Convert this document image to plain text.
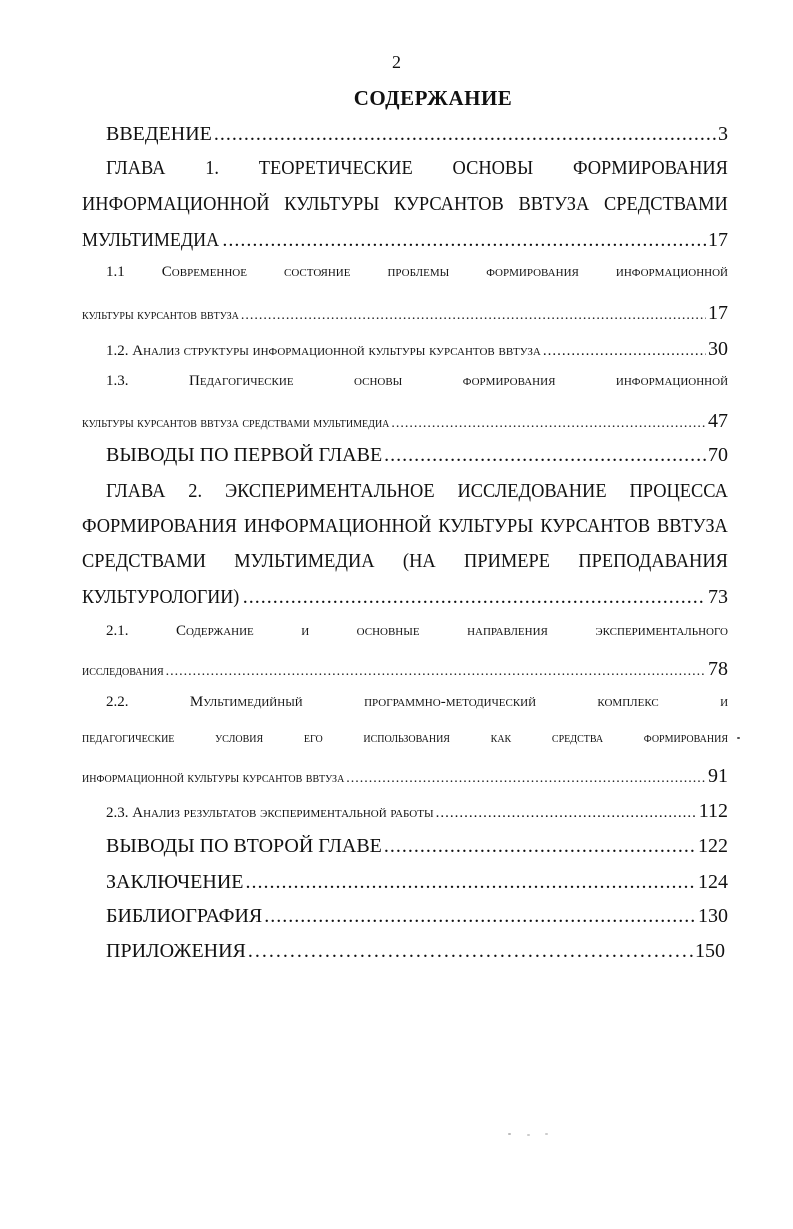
2
СОДЕРЖАНИЕ
ВВЕДЕНИЕ .....	3
ГЛАВА 1. ТЕОРЕТИЧЕСКИЕ ОСНОВЫ ФОРМИРОВАНИЯ
ИНФОРМАЦИОННОЙ КУЛЬТУРЫ КУРСАНТОВ ВВТУЗА СРЕДСТВАМИ
МУЛЬТИМЕДИА .....	17
1.1 Современное состояние проблемы формирования информационной
культуры курсантов ввтуза .....	17
1.2. Анализ структуры информационной культуры курсантов ввтуза .....	30
1.3.	Педагогические	основы	формирования	информационной
культуры курсантов ввтуза средствами мультимедиа .....	47
ВЫВОДЫ ПО ПЕРВОЙ ГЛАВЕ .....	70
ГЛАВА 2. ЭКСПЕРИМЕНТАЛЬНОЕ ИССЛЕДОВАНИЕ ПРОЦЕССА
ФОРМИРОВАНИЯ ИНФОРМАЦИОННОЙ КУЛЬТУРЫ КУРСАНТОВ ВВТУЗА
СРЕДСТВАМИ МУЛЬТИМЕДИА (НА ПРИМЕРЕ ПРЕПОДАВАНИЯ
КУЛЬТУРОЛОГИИ) .....	73
2.1.	Содержание	и	основные	направления	экспериментального
исследования .....	78
2.2.	Мультимедийный	программно-методический	комплекс	и
педагогические условия его использования как средства формирования
информационной культуры курсантов ввтуза .....	91
2.3. Анализ результатов экспериментальной работы .....	112
ВЫВОДЫ ПО ВТОРОЙ ГЛАВЕ .....	122
ЗАКЛЮЧЕНИЕ .....	124
БИБЛИОГРАФИЯ .....	130
ПРИЛОЖЕНИЯ .....	150
